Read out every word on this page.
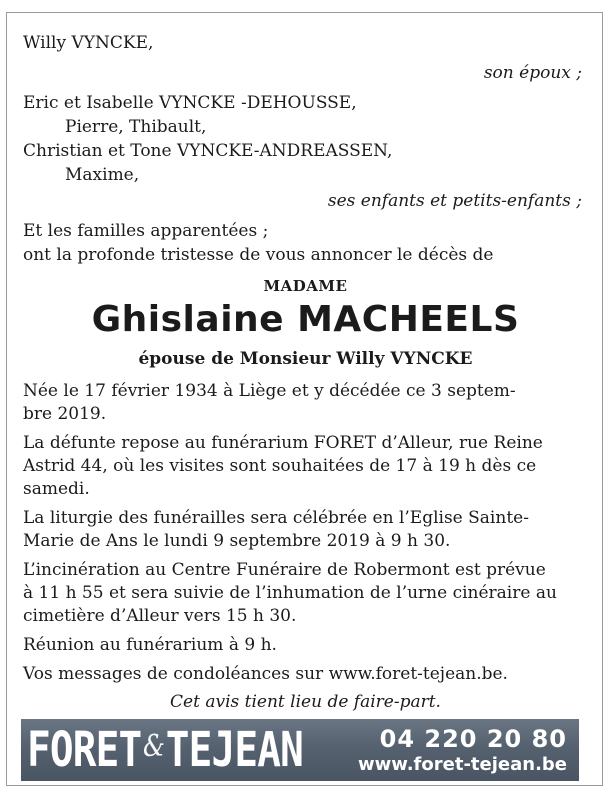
Willy VYNCKE,
son époux ;
Eric et Isabelle VYNCKE -DEHOUSSE,
Pierre, Thibault,
Christian et Tone VYNCKE-ANDREASSEN,
Maxime,
ses enfants et petits-enfants ;
Et les familles apparentées ;
ont la profonde tristesse de vous annoncer le décès de
MADAME
Ghislaine MACHEELS
épouse de Monsieur Willy VYNCKE
Née le 17 février 1934 à Liège et y décédée ce 3 septem-
bre 2019.
La défunte repose au funérarium FORET d’Alleur, rue Reine
Astrid 44, où les visites sont souhaitées de 17 à 19 h dès ce
samedi.
La liturgie des funérailles sera célébrée en l’Eglise Sainte-
Marie de Ans le lundi 9 septembre 2019 à 9 h 30.
L’incinération au Centre Funéraire de Robermont est prévue
à 11 h 55 et sera suivie de l’inhumation de l’urne cinéraire au
cimetière d’Alleur vers 15 h 30.
Réunion au funérarium à 9 h.
Vos messages de condoléances sur www.foret-tejean.be.
Cet avis tient lieu de faire-part.
FORET & TEJEAN	04 220 20 80
www.foret-tejean.be
